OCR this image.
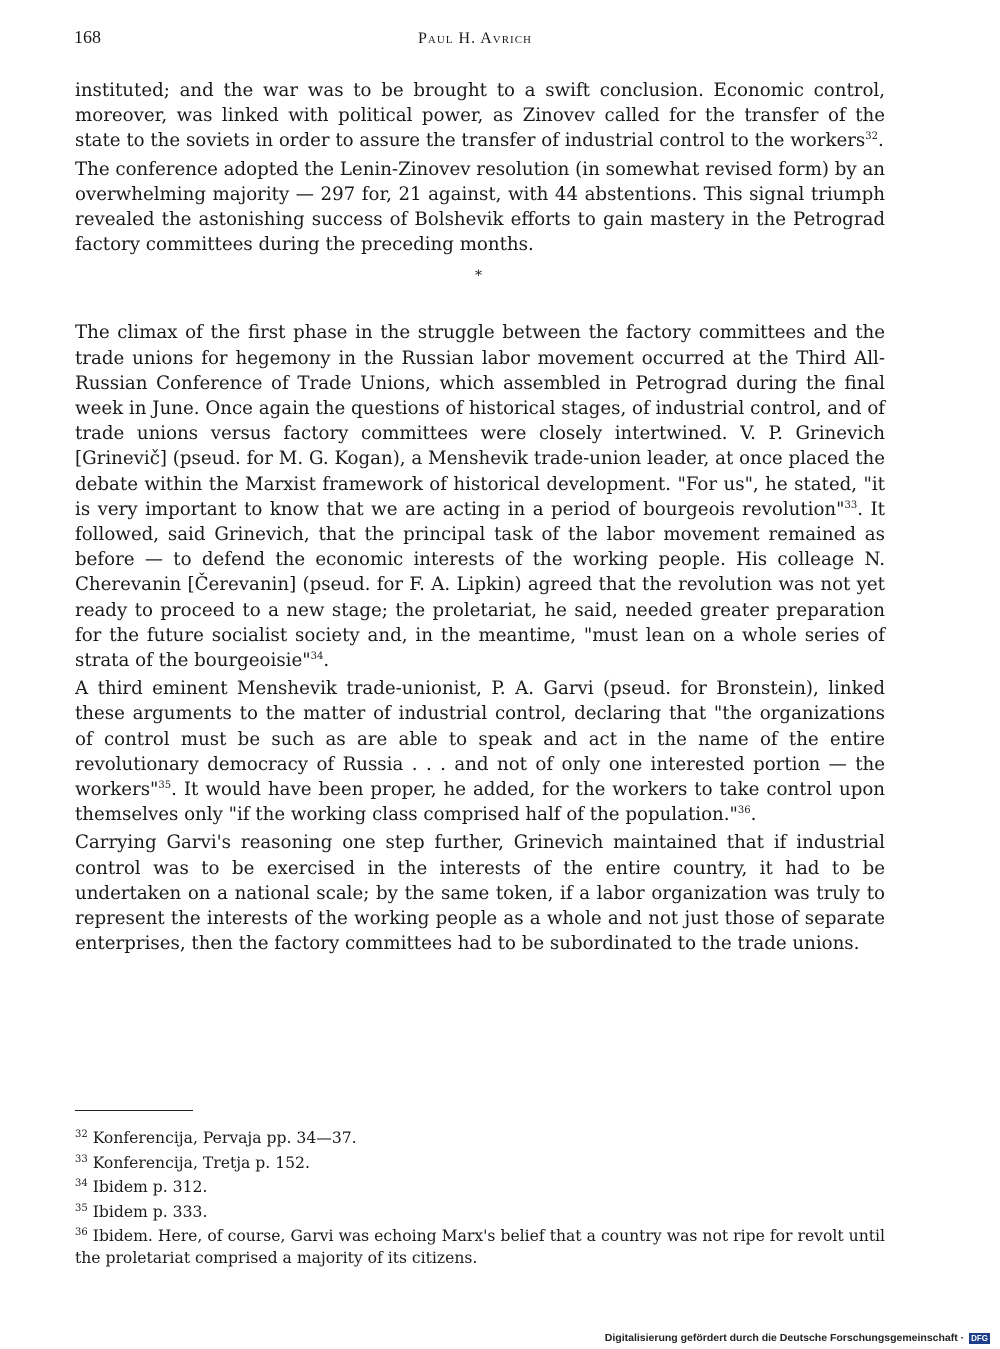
168	Paul H. Avrich

instituted; and the war was to be brought to a swift conclusion. Economic control, moreover, was linked with political power, as Zinovev called for the transfer of the state to the soviets in order to assure the transfer of industrial control to the workers$^{32}$.

The conference adopted the Lenin-Zinovev resolution (in somewhat revised form) by an overwhelming majority — 297 for, 21 against, with 44 abstentions. This signal triumph revealed the astonishing success of Bolshevik efforts to gain mastery in the Petrograd factory committees during the preceding months.

*

The climax of the first phase in the struggle between the factory committees and the trade unions for hegemony in the Russian labor movement occurred at the Third All-Russian Conference of Trade Unions, which assembled in Petrograd during the final week in June. Once again the questions of historical stages, of industrial control, and of trade unions versus factory committees were closely intertwined. V. P. Grinevich [Grinevič] (pseud. for M. G. Kogan), a Menshevik trade-union leader, at once placed the debate within the Marxist framework of historical development. "For us", he stated, "it is very important to know that we are acting in a period of bourgeois revolution"$^{33}$. It followed, said Grinevich, that the principal task of the labor movement remained as before — to defend the economic interests of the working people. His colleage N. Cherevanin [Čerevanin] (pseud. for F. A. Lipkin) agreed that the revolution was not yet ready to proceed to a new stage; the proletariat, he said, needed greater preparation for the future socialist society and, in the meantime, "must lean on a whole series of strata of the bourgeoisie"$^{34}$.

A third eminent Menshevik trade-unionist, P. A. Garvi (pseud. for Bronstein), linked these arguments to the matter of industrial control, declaring that "the organizations of control must be such as are able to speak and act in the name of the entire revolutionary democracy of Russia . . . and not of only one interested portion — the workers"$^{35}$. It would have been proper, he added, for the workers to take control upon themselves only "if the working class comprised half of the population."$^{36}$.

Carrying Garvi's reasoning one step further, Grinevich maintained that if industrial control was to be exercised in the interests of the entire country, it had to be undertaken on a national scale; by the same token, if a labor organization was truly to represent the interests of the working people as a whole and not just those of separate enterprises, then the factory committees had to be subordinated to the trade unions.

$^{32}$ Konferencija, Pervaja pp. 34—37.
$^{33}$ Konferencija, Tretja p. 152.
$^{34}$ Ibidem p. 312.
$^{35}$ Ibidem p. 333.
$^{36}$ Ibidem. Here, of course, Garvi was echoing Marx's belief that a country was not ripe for revolt until the proletariat comprised a majority of its citizens.
Digitalisierung gefördert durch die Deutsche Forschungsgemeinschaft · DFG
